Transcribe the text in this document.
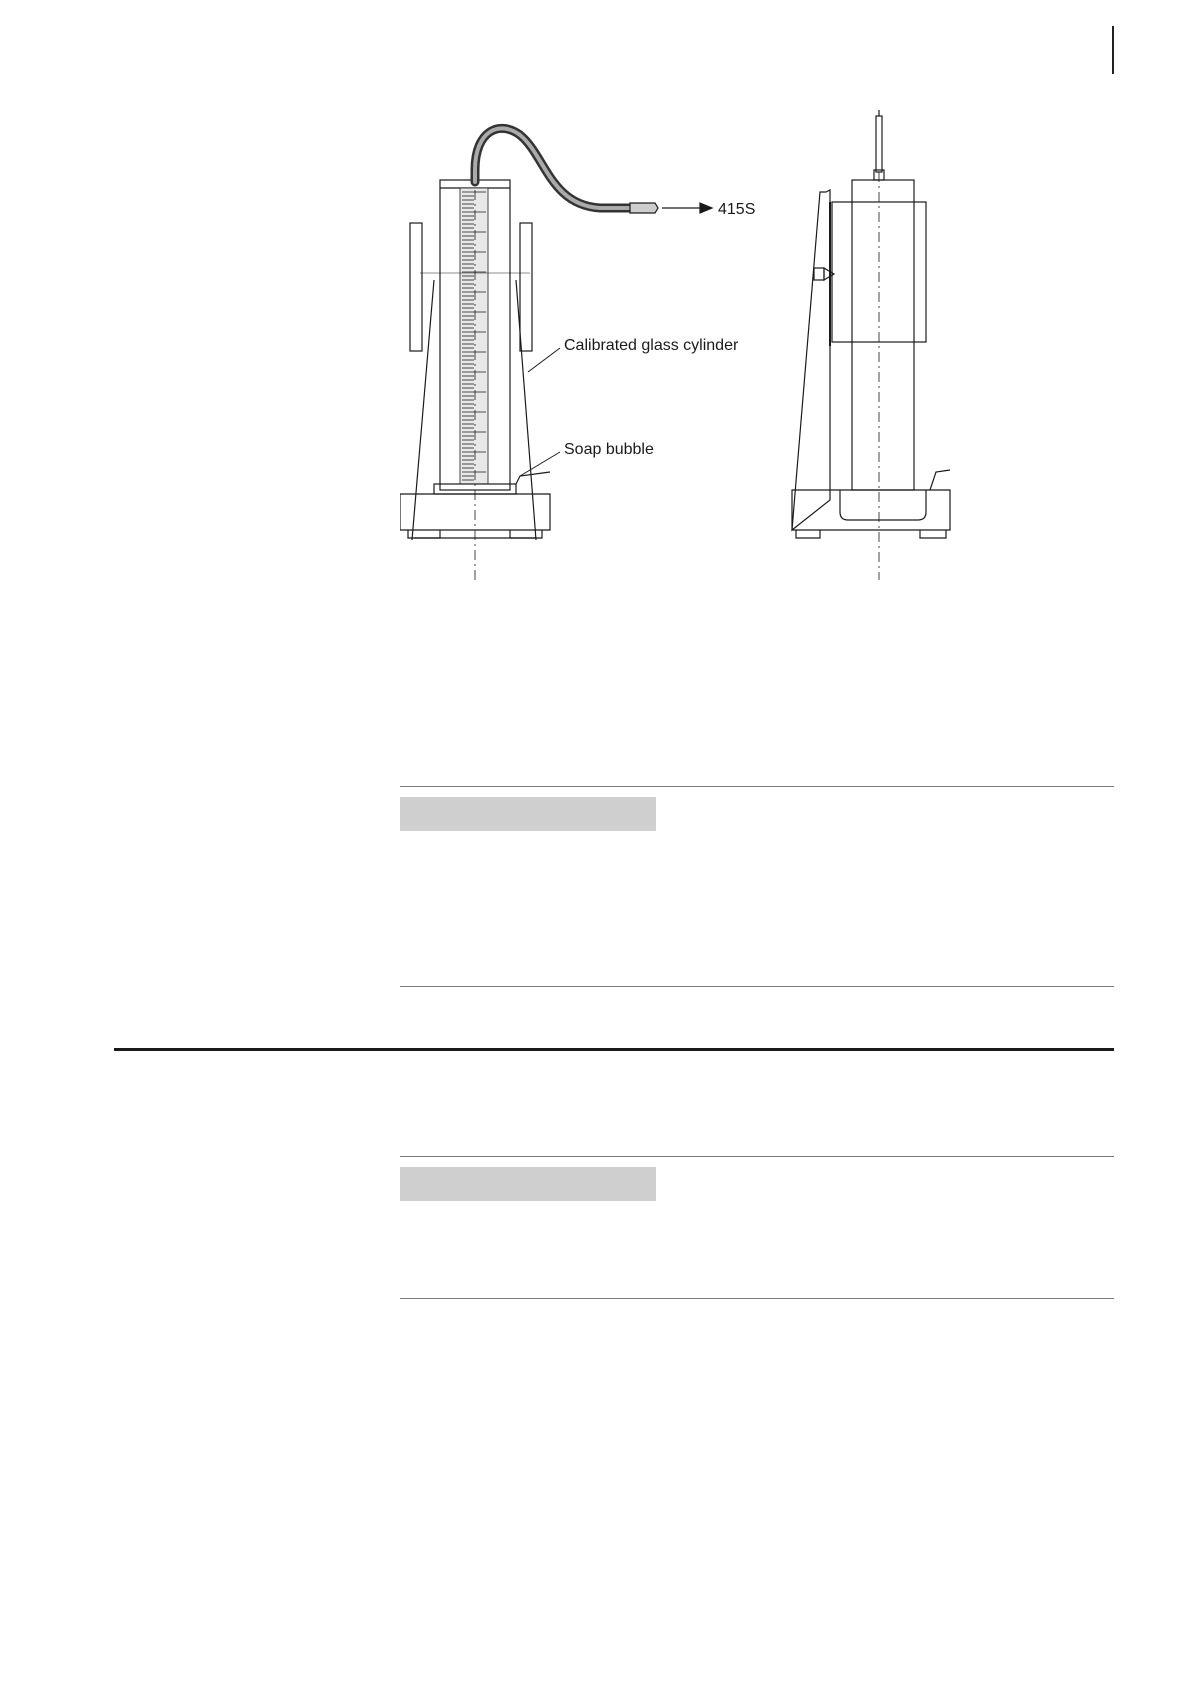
415S
Calibrated glass cylinder
Soap bubble
